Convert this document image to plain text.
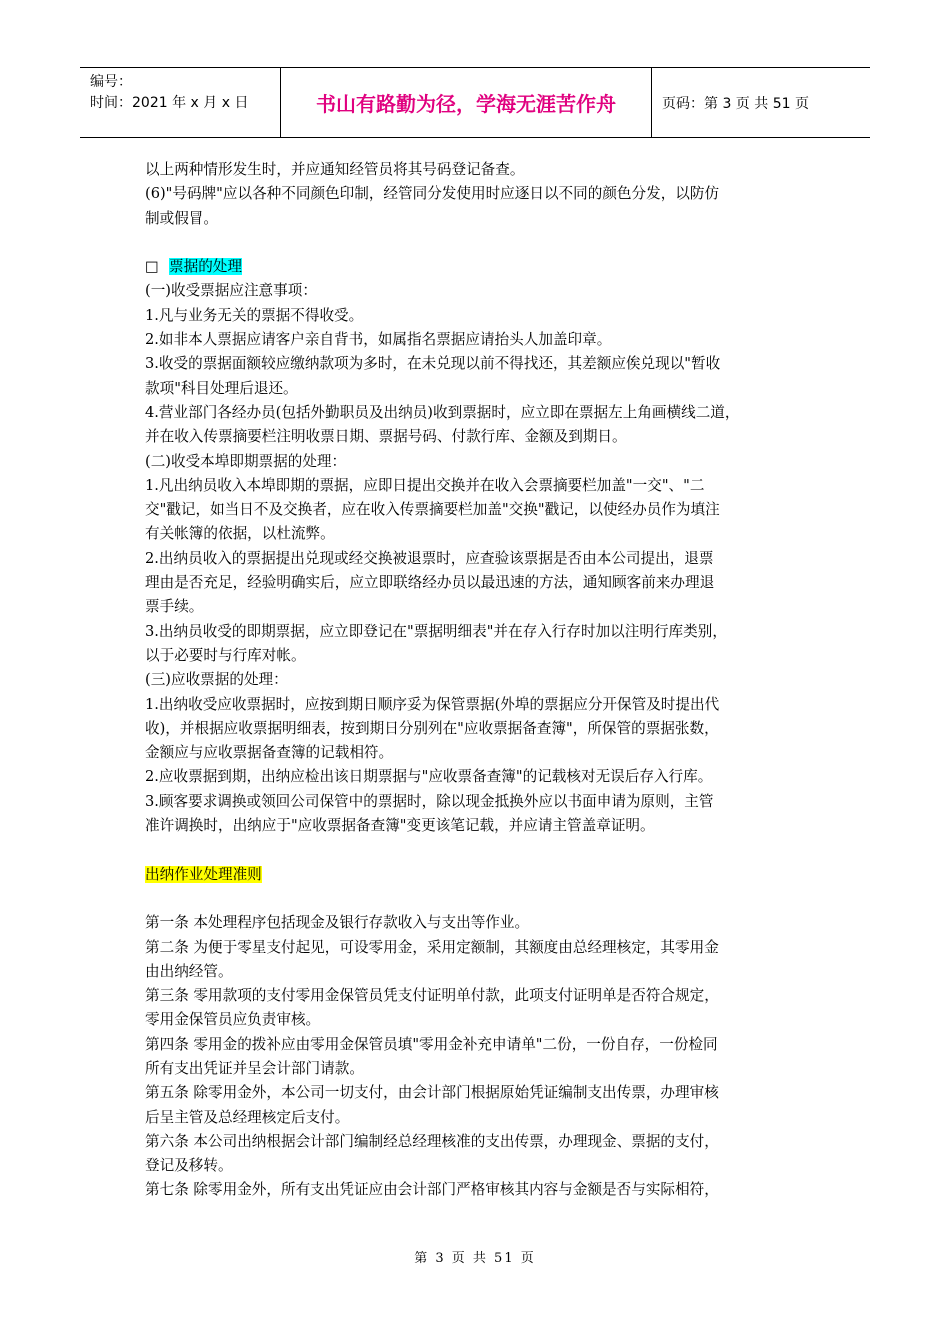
编号：
时间：2021 年 x 月 x 日	书山有路勤为径，学海无涯苦作舟	页码：第 3 页 共 51 页

以上两种情形发生时，并应通知经管员将其号码登记备查。

(6)"号码牌"应以各种不同颜色印制，经管同分发使用时应逐日以不同的颜色分发，以防仿

制或假冒。

□ 票据的处理

(一)收受票据应注意事项：

1.凡与业务无关的票据不得收受。

2.如非本人票据应请客户亲自背书，如属指名票据应请抬头人加盖印章。

3.收受的票据面额较应缴纳款项为多时，在未兑现以前不得找还，其差额应俟兑现以"暂收

款项"科目处理后退还。

4.营业部门各经办员(包括外勤职员及出纳员)收到票据时，应立即在票据左上角画横线二道，

并在收入传票摘要栏注明收票日期、票据号码、付款行库、金额及到期日。

(二)收受本埠即期票据的处理：

1.凡出纳员收入本埠即期的票据，应即日提出交换并在收入会票摘要栏加盖"一交"、"二

交"戳记，如当日不及交换者，应在收入传票摘要栏加盖"交换"戳记，以使经办员作为填注

有关帐簿的依据，以杜流弊。

2.出纳员收入的票据提出兑现或经交换被退票时，应查验该票据是否由本公司提出，退票

理由是否充足，经验明确实后，应立即联络经办员以最迅速的方法，通知顾客前来办理退

票手续。

3.出纳员收受的即期票据，应立即登记在"票据明细表"并在存入行存时加以注明行库类别，

以于必要时与行库对帐。

(三)应收票据的处理：

1.出纳收受应收票据时，应按到期日顺序妥为保管票据(外埠的票据应分开保管及时提出代

收)，并根据应收票据明细表，按到期日分别列在"应收票据备查簿"，所保管的票据张数，

金额应与应收票据备查簿的记载相符。

2.应收票据到期，出纳应检出该日期票据与"应收票备查簿"的记载核对无误后存入行库。

3.顾客要求调换或领回公司保管中的票据时，除以现金抵换外应以书面申请为原则，主管

准许调换时，出纳应于"应收票据备查簿"变更该笔记载，并应请主管盖章证明。

出纳作业处理准则

第一条 本处理程序包括现金及银行存款收入与支出等作业。

第二条 为便于零星支付起见，可设零用金，采用定额制，其额度由总经理核定，其零用金

由出纳经管。

第三条 零用款项的支付零用金保管员凭支付证明单付款，此项支付证明单是否符合规定，

零用金保管员应负责审核。

第四条 零用金的拨补应由零用金保管员填"零用金补充申请单"二份，一份自存，一份检同

所有支出凭证并呈会计部门请款。

第五条 除零用金外，本公司一切支付，由会计部门根据原始凭证编制支出传票，办理审核

后呈主管及总经理核定后支付。

第六条 本公司出纳根据会计部门编制经总经理核准的支出传票，办理现金、票据的支付，

登记及移转。

第七条 除零用金外，所有支出凭证应由会计部门严格审核其内容与金额是否与实际相符，

第 3 页 共 51 页
